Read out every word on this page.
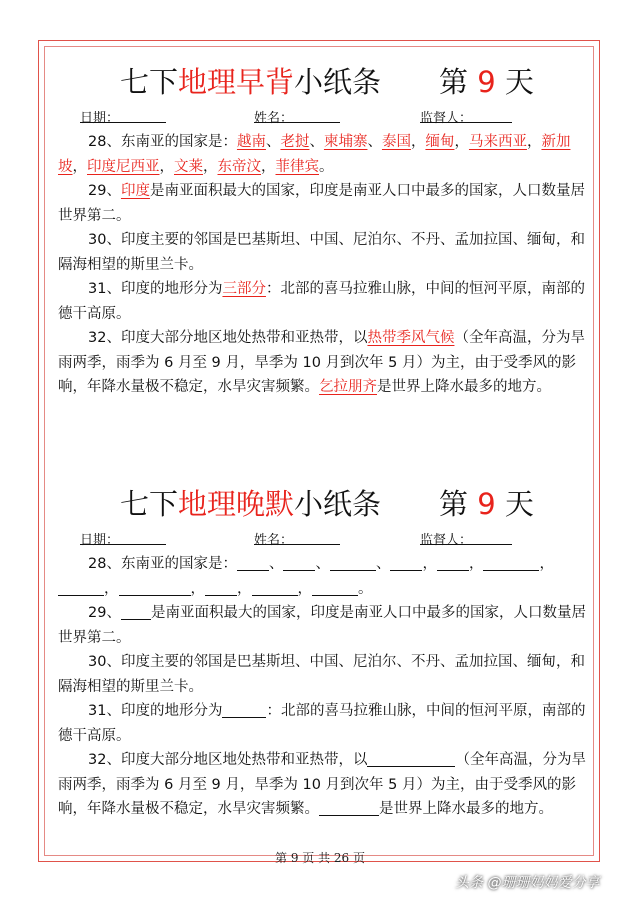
七下地理早背小纸条 第 9 天
日期：	姓名：	监督人：

28、东南亚的国家是：越南、老挝、柬埔寨、泰国，缅甸，马来西亚，新加坡，印度尼西亚，文莱，东帝汶，菲律宾。

29、印度是南亚面积最大的国家，印度是南亚人口中最多的国家，人口数量居世界第二。

30、印度主要的邻国是巴基斯坦、中国、尼泊尔、不丹、孟加拉国、缅甸，和隔海相望的斯里兰卡。

31、印度的地形分为三部分：北部的喜马拉雅山脉，中间的恒河平原，南部的德干高原。

32、印度大部分地区地处热带和亚热带，以热带季风气候（全年高温，分为旱雨两季，雨季为 6 月至 9 月，旱季为 10 月到次年 5 月）为主，由于受季风的影响，年降水量极不稳定，水旱灾害频繁。乞拉朋齐是世界上降水最多的地方。

七下地理晚默小纸条 第 9 天
日期：	姓名：	监督人：

28、东南亚的国家是： 、 、	、 ， ，	，，	， ，	，	。

29、 是南亚面积最大的国家，印度是南亚人口中最多的国家，人口数量居世界第二。

30、印度主要的邻国是巴基斯坦、中国、尼泊尔、不丹、孟加拉国、缅甸，和隔海相望的斯里兰卡。

31、印度的地形分为	：北部的喜马拉雅山脉，中间的恒河平原，南部的德干高原。

32、印度大部分地区地处热带和亚热带，以	（全年高温，分为旱雨两季，雨季为 6 月至 9 月，旱季为 10 月到次年 5 月）为主，由于受季风的影响，年降水量极不稳定，水旱灾害频繁。	是世界上降水最多的地方。

第 9 页 共 26 页
头条 @珊珊妈妈爱分享
